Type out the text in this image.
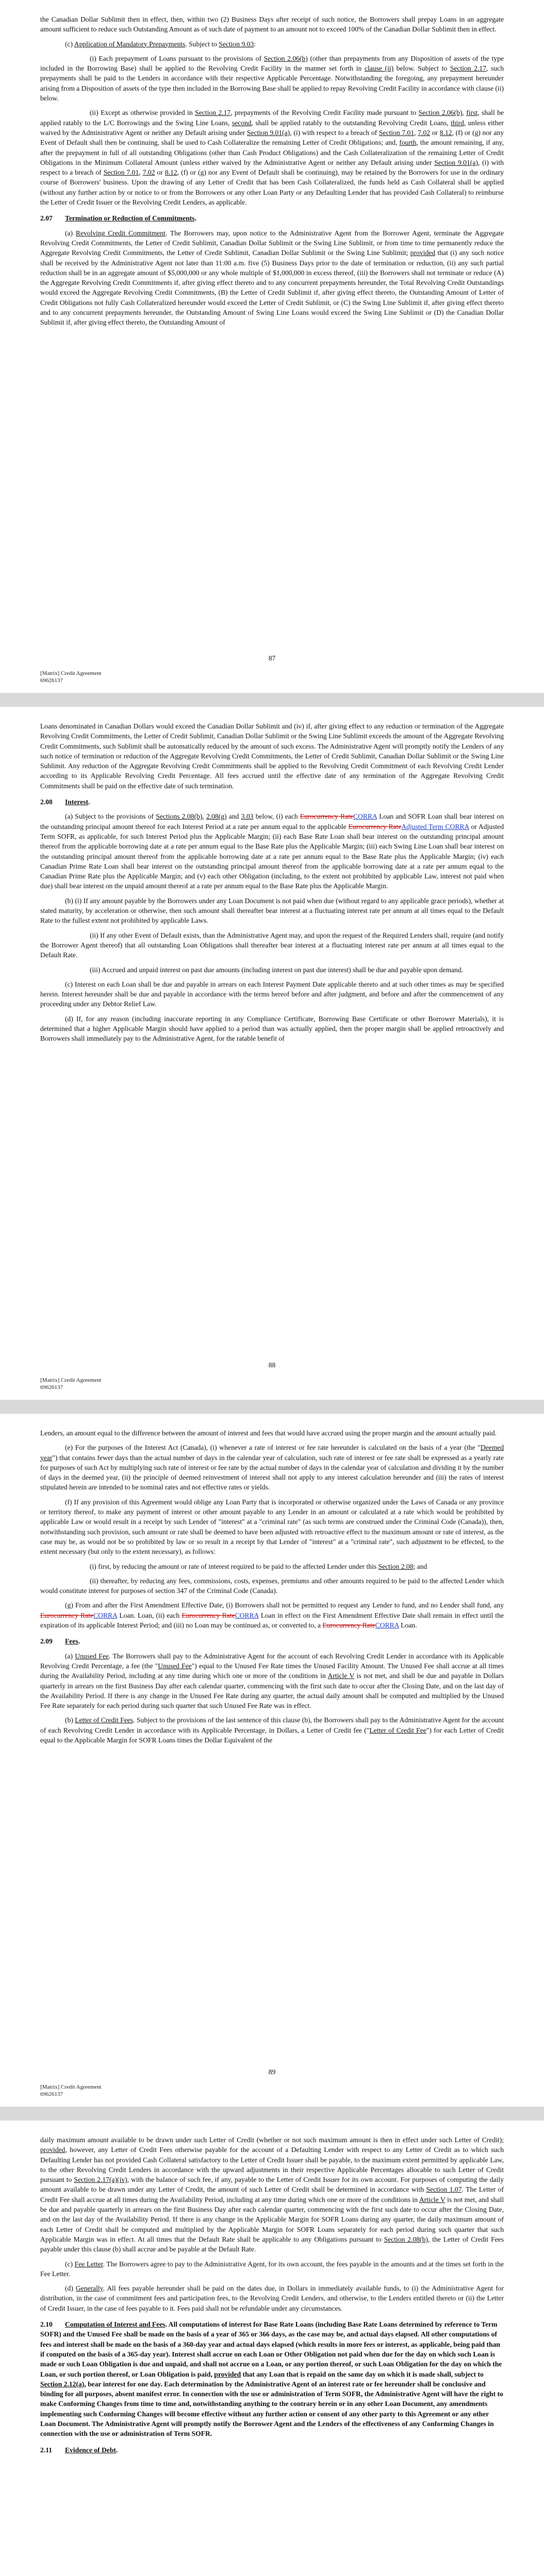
the Canadian Dollar Sublimit then in effect, then, within two (2) Business Days after receipt of such notice, the Borrowers shall prepay Loans in an aggregate amount sufficient to reduce such Outstanding Amount as of such date of payment to an amount not to exceed 100% of the Canadian Dollar Sublimit then in effect.
(c) Application of Mandatory Prepayments. Subject to Section 9.03:
(i) Each prepayment of Loans pursuant to the provisions of Section 2.06(b) (other than prepayments from any Disposition of assets of the type included in the Borrowing Base) shall be applied to the Revolving Credit Facility in the manner set forth in clause (ii) below. Subject to Section 2.17, such prepayments shall be paid to the Lenders in accordance with their respective Applicable Percentage. Notwithstanding the foregoing, any prepayment hereunder arising from a Disposition of assets of the type then included in the Borrowing Base shall be applied to repay Revolving Credit Facility in accordance with clause (ii) below.
(ii) Except as otherwise provided in Section 2.17, prepayments of the Revolving Credit Facility made pursuant to Section 2.06(b), first, shall be applied ratably to the L/C Borrowings and the Swing Line Loans, second, shall be applied ratably to the outstanding Revolving Credit Loans, third, unless either waived by the Administrative Agent or neither any Default arising under Section 9.01(a), (i) with respect to a breach of Section 7.01, 7.02 or 8.12, (f) or (g) nor any Event of Default shall then be continuing, shall be used to Cash Collateralize the remaining Letter of Credit Obligations; and, fourth, the amount remaining, if any, after the prepayment in full of all outstanding Obligations (other than Cash Product Obligations) and the Cash Collateralization of the remaining Letter of Credit Obligations in the Minimum Collateral Amount (unless either waived by the Administrative Agent or neither any Default arising under Section 9.01(a), (i) with respect to a breach of Section 7.01, 7.02 or 8.12, (f) or (g) nor any Event of Default shall be continuing), may be retained by the Borrowers for use in the ordinary course of Borrowers' business. Upon the drawing of any Letter of Credit that has been Cash Collateralized, the funds held as Cash Collateral shall be applied (without any further action by or notice to or from the Borrowers or any other Loan Party or any Defaulting Lender that has provided Cash Collateral) to reimburse the Letter of Credit Issuer or the Revolving Credit Lenders, as applicable.
2.07 Termination or Reduction of Commitments.
(a) Revolving Credit Commitment. The Borrowers may, upon notice to the Administrative Agent from the Borrower Agent, terminate the Aggregate Revolving Credit Commitments, the Letter of Credit Sublimit, Canadian Dollar Sublimit or the Swing Line Sublimit, or from time to time permanently reduce the Aggregate Revolving Credit Commitments, the Letter of Credit Sublimit, Canadian Dollar Sublimit or the Swing Line Sublimit; provided that (i) any such notice shall be received by the Administrative Agent not later than 11:00 a.m. five (5) Business Days prior to the date of termination or reduction, (ii) any such partial reduction shall be in an aggregate amount of $5,000,000 or any whole multiple of $1,000,000 in excess thereof, (iii) the Borrowers shall not terminate or reduce (A) the Aggregate Revolving Credit Commitments if, after giving effect thereto and to any concurrent prepayments hereunder, the Total Revolving Credit Outstandings would exceed the Aggregate Revolving Credit Commitments, (B) the Letter of Credit Sublimit if, after giving effect thereto, the Outstanding Amount of Letter of Credit Obligations not fully Cash Collateralized hereunder would exceed the Letter of Credit Sublimit, or (C) the Swing Line Sublimit if, after giving effect thereto and to any concurrent prepayments hereunder, the Outstanding Amount of Swing Line Loans would exceed the Swing Line Sublimit or (D) the Canadian Dollar Sublimit if, after giving effect thereto, the Outstanding Amount of
87
[Matrix] Credit Agreement
69626137
Loans denominated in Canadian Dollars would exceed the Canadian Dollar Sublimit and (iv) if, after giving effect to any reduction or termination of the Aggregate Revolving Credit Commitments, the Letter of Credit Sublimit, Canadian Dollar Sublimit or the Swing Line Sublimit exceeds the amount of the Aggregate Revolving Credit Commitments, such Sublimit shall be automatically reduced by the amount of such excess. The Administrative Agent will promptly notify the Lenders of any such notice of termination or reduction of the Aggregate Revolving Credit Commitments, the Letter of Credit Sublimit, Canadian Dollar Sublimit or the Swing Line Sublimit. Any reduction of the Aggregate Revolving Credit Commitments shall be applied to the Revolving Credit Commitment of each Revolving Credit Lender according to its Applicable Revolving Credit Percentage. All fees accrued until the effective date of any termination of the Aggregate Revolving Credit Commitments shall be paid on the effective date of such termination.
2.08 Interest.
(a) Subject to the provisions of Sections 2.08(b), 2.08(g) and 3.03 below, (i) each Eurocurrency RateCORRA Loan and SOFR Loan shall bear interest on the outstanding principal amount thereof for each Interest Period at a rate per annum equal to the applicable Eurocurrency RateAdjusted Term CORRA or Adjusted Term SOFR, as applicable, for such Interest Period plus the Applicable Margin; (ii) each Base Rate Loan shall bear interest on the outstanding principal amount thereof from the applicable borrowing date at a rate per annum equal to the Base Rate plus the Applicable Margin; (iii) each Swing Line Loan shall bear interest on the outstanding principal amount thereof from the applicable borrowing date at a rate per annum equal to the Base Rate plus the Applicable Margin; (iv) each Canadian Prime Rate Loan shall bear interest on the outstanding principal amount thereof from the applicable borrowing date at a rate per annum equal to the Canadian Prime Rate plus the Applicable Margin; and (v) each other Obligation (including, to the extent not prohibited by applicable Law, interest not paid when due) shall bear interest on the unpaid amount thereof at a rate per annum equal to the Base Rate plus the Applicable Margin.
(b) (i) If any amount payable by the Borrowers under any Loan Document is not paid when due (without regard to any applicable grace periods), whether at stated maturity, by acceleration or otherwise, then such amount shall thereafter bear interest at a fluctuating interest rate per annum at all times equal to the Default Rate to the fullest extent not prohibited by applicable Laws.
(ii) If any other Event of Default exists, than the Administrative Agent may, and upon the request of the Required Lenders shall, require (and notify the Borrower Agent thereof) that all outstanding Loan Obligations shall thereafter bear interest at a fluctuating interest rate per annum at all times equal to the Default Rate.
(iii) Accrued and unpaid interest on past due amounts (including interest on past due interest) shall be due and payable upon demand.
(c) Interest on each Loan shall be due and payable in arrears on each Interest Payment Date applicable thereto and at such other times as may be specified herein. Interest hereunder shall be due and payable in accordance with the terms hereof before and after judgment, and before and after the commencement of any proceeding under any Debtor Relief Law.
(d) If, for any reason (including inaccurate reporting in any Compliance Certificate, Borrowing Base Certificate or other Borrower Materials), it is determined that a higher Applicable Margin should have applied to a period than was actually applied, then the proper margin shall be applied retroactively and Borrowers shall immediately pay to the Administrative Agent, for the ratable benefit of
88
[Matrix] Credit Agreement
69626137
Lenders, an amount equal to the difference between the amount of interest and fees that would have accrued using the proper margin and the amount actually paid.
(e) For the purposes of the Interest Act (Canada), (i) whenever a rate of interest or fee rate hereunder is calculated on the basis of a year (the "Deemed year") that contains fewer days than the actual number of days in the calendar year of calculation, such rate of interest or fee rate shall be expressed as a yearly rate for purposes of such Act by multiplying such rate of interest or fee rate by the actual number of days in the calendar year of calculation and dividing it by the number of days in the deemed year, (ii) the principle of deemed reinvestment of interest shall not apply to any interest calculation hereunder and (iii) the rates of interest stipulated herein are intended to be nominal rates and not effective rates or yields.
(f) If any provision of this Agreement would oblige any Loan Party that is incorporated or otherwise organized under the Laws of Canada or any province or territory thereof, to make any payment of interest or other amount payable to any Lender in an amount or calculated at a rate which would be prohibited by applicable Law or would result in a receipt by such Lender of "interest" at a "criminal rate" (as such terms are construed under the Criminal Code (Canada)), then, notwithstanding such provision, such amount or rate shall be deemed to have been adjusted with retroactive effect to the maximum amount or rate of interest, as the case may be, as would not be so prohibited by law or so result in a receipt by that Lender of "interest" at a "criminal rate", such adjustment to be effected, to the extent necessary (but only to the extent necessary), as follows:
(i) first, by reducing the amount or rate of interest required to be paid to the affected Lender under this Section 2.08; and
(ii) thereafter, by reducing any fees, commissions, costs, expenses, premiums and other amounts required to be paid to the affected Lender which would constitute interest for purposes of section 347 of the Criminal Code (Canada).
(g) From and after the First Amendment Effective Date, (i) Borrowers shall not be permitted to request any Lender to fund, and no Lender shall fund, any Eurocurrency RateCORRA Loan. Loan, (ii) each Eurocurrency RateCORRA Loan in effect on the First Amendment Effective Date shall remain in effect until the expiration of its applicable Interest Period; and (iii) no Loan may be continued as, or converted to, a Eurocurrency RateCORRA Loan.
2.09 Fees.
(a) Unused Fee. The Borrowers shall pay to the Administrative Agent for the account of each Revolving Credit Lender in accordance with its Applicable Revolving Credit Percentage, a fee (the "Unused Fee") equal to the Unused Fee Rate times the Unused Facility Amount. The Unused Fee shall accrue at all times during the Availability Period, including at any time during which one or more of the conditions in Article V is not met, and shall be due and payable in Dollars quarterly in arrears on the first Business Day after each calendar quarter, commencing with the first such date to occur after the Closing Date, and on the last day of the Availability Period. If there is any change in the Unused Fee Rate during any quarter, the actual daily amount shall be computed and multiplied by the Unused Fee Rate separately for each period during such quarter that such Unused Fee Rate was in effect.
(b) Letter of Credit Fees. Subject to the provisions of the last sentence of this clause (b), the Borrowers shall pay to the Administrative Agent for the account of each Revolving Credit Lender in accordance with its Applicable Percentage, in Dollars, a Letter of Credit fee ("Letter of Credit Fee") for each Letter of Credit equal to the Applicable Margin for SOFR Loans times the Dollar Equivalent of the
89
[Matrix] Credit Agreement
69626137
daily maximum amount available to be drawn under such Letter of Credit (whether or not such maximum amount is then in effect under such Letter of Credit); provided, however, any Letter of Credit Fees otherwise payable for the account of a Defaulting Lender with respect to any Letter of Credit as to which such Defaulting Lender has not provided Cash Collateral satisfactory to the Letter of Credit Issuer shall be payable, to the maximum extent permitted by applicable Law, to the other Revolving Credit Lenders in accordance with the upward adjustments in their respective Applicable Percentages allocable to such Letter of Credit pursuant to Section 2.17(a)(iv), with the balance of such fee, if any, payable to the Letter of Credit Issuer for its own account. For purposes of computing the daily amount available to be drawn under any Letter of Credit, the amount of such Letter of Credit shall be determined in accordance with Section 1.07. The Letter of Credit Fee shall accrue at all times during the Availability Period, including at any time during which one or more of the conditions in Article V is not met, and shall be due and payable quarterly in arrears on the first Business Day after each calendar quarter, commencing with the first such date to occur after the Closing Date, and on the last day of the Availability Period. If there is any change in the Applicable Margin for SOFR Loans during any quarter, the daily maximum amount of each Letter of Credit shall be computed and multiplied by the Applicable Margin for SOFR Loans separately for each period during such quarter that such Applicable Margin was in effect. At all times that the Default Rate shall be applicable to any Obligations pursuant to Section 2.08(b), the Letter of Credit Fees payable under this clause (b) shall accrue and be payable at the Default Rate.
(c) Fee Letter. The Borrowers agree to pay to the Administrative Agent, for its own account, the fees payable in the amounts and at the times set forth in the Fee Letter.
(d) Generally. All fees payable hereunder shall be paid on the dates due, in Dollars in immediately available funds, to (i) the Administrative Agent for distribution, in the case of commitment fees and participation fees, to the Revolving Credit Lenders, and otherwise, to the Lenders entitled thereto or (ii) the Letter of Credit Issuer, in the case of fees payable to it. Fees paid shall not be refundable under any circumstances.
2.10 Computation of Interest and Fees. All computations of interest for Base Rate Loans (including Base Rate Loans determined by reference to Term SOFR) and the Unused Fee shall be made on the basis of a year of 365 or 366 days, as the case may be, and actual days elapsed. All other computations of fees and interest shall be made on the basis of a 360-day year and actual days elapsed (which results in more fees or interest, as applicable, being paid than if computed on the basis of a 365-day year). Interest shall accrue on each Loan or Other Obligation not paid when due for the day on which such Loan is made or such Loan Obligation is due and unpaid, and shall not accrue on a Loan, or any portion thereof, or such Loan Obligation for the day on which the Loan, or such portion thereof, or Loan Obligation is paid, provided that any Loan that is repaid on the same day on which it is made shall, subject to Section 2.12(a), bear interest for one day. Each determination by the Administrative Agent of an interest rate or fee hereunder shall be conclusive and binding for all purposes, absent manifest error. In connection with the use or administration of Term SOFR, the Administrative Agent will have the right to make Conforming Changes from time to time and, notwithstanding anything to the contrary herein or in any other Loan Document, any amendments implementing such Conforming Changes will become effective without any further action or consent of any other party to this Agreement or any other Loan Document. The Administrative Agent will promptly notify the Borrower Agent and the Lenders of the effectiveness of any Conforming Changes in connection with the use or administration of Term SOFR.
2.11 Evidence of Debt.
